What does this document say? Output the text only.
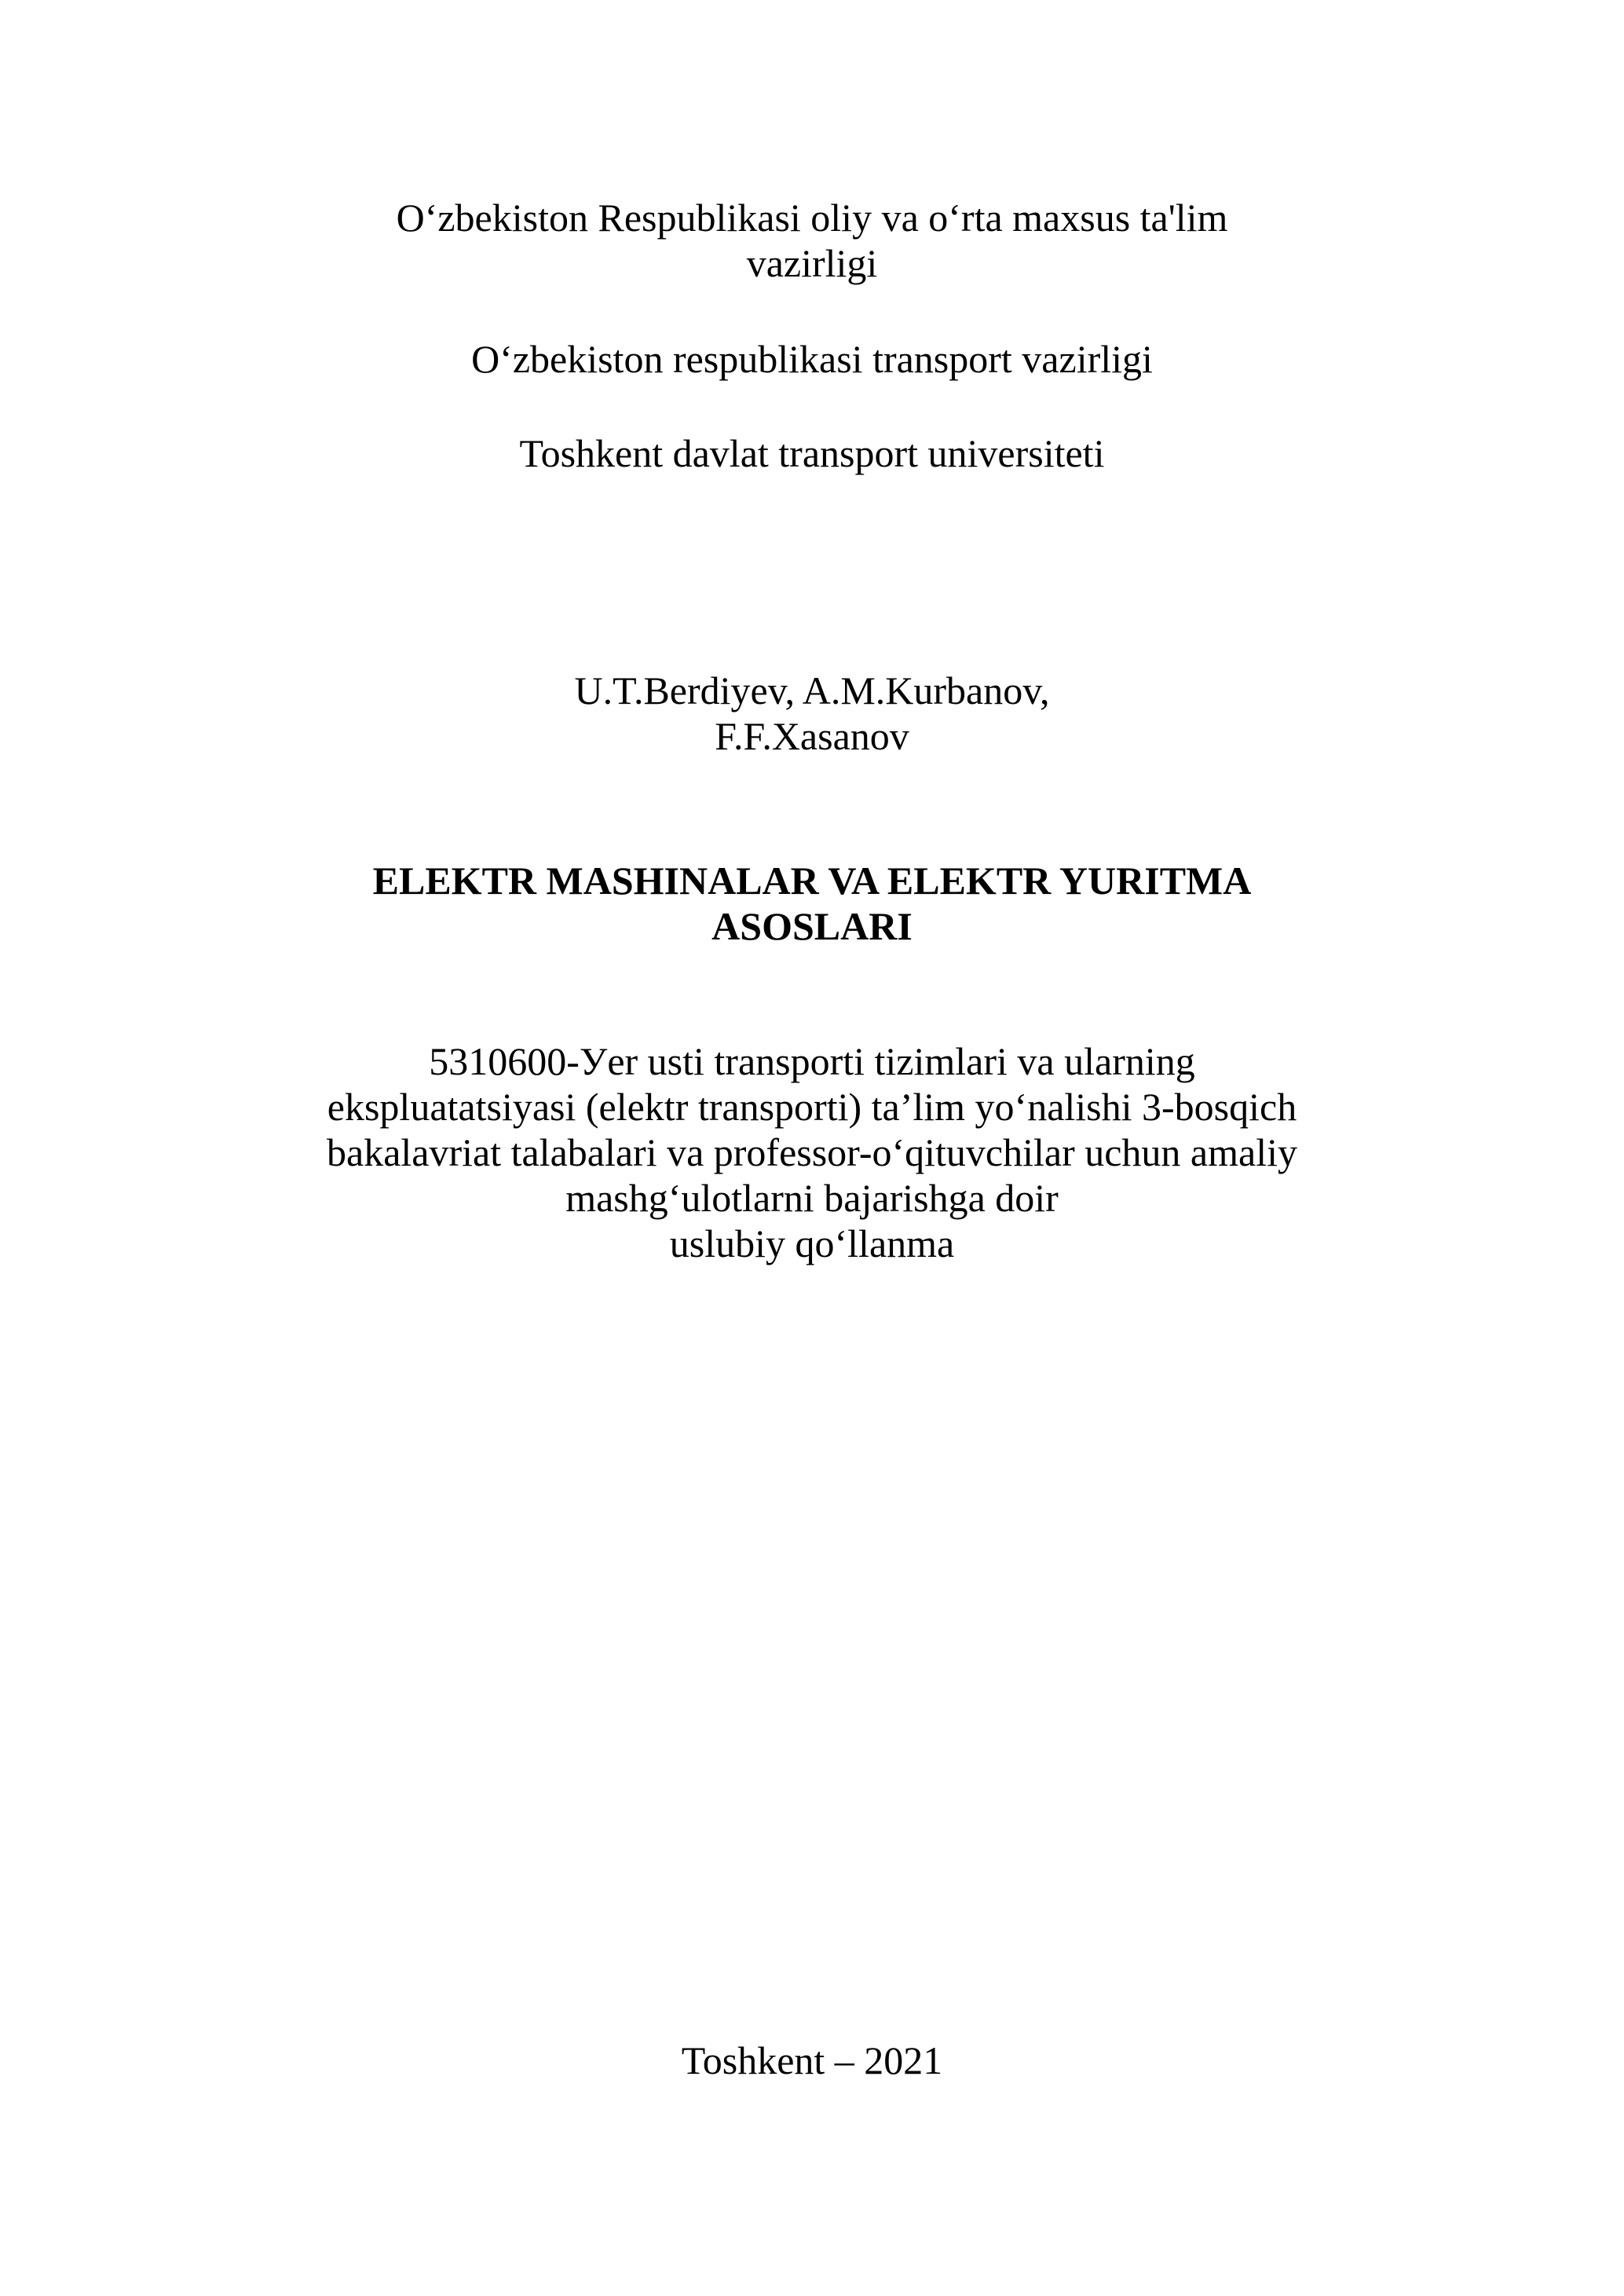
O‘zbekiston Respublikasi oliy va o‘rta maxsus ta'lim
vazirligi
O‘zbekiston respublikasi transport vazirligi
Toshkent davlat transport universiteti
U.T.Berdiyev, A.M.Kurbanov,
F.F.Xasanov
ELEKTR MASHINALAR VA ELEKTR YURITMA
ASOSLARI
5310600-Уer usti transporti tizimlari va ularning
ekspluatatsiyasi (elektr transporti) ta’lim yo‘nalishi 3-bosqich
bakalavriat talabalari va professor-o‘qituvchilar uchun amaliy
mashg‘ulotlarni bajarishga doir
uslubiy qo‘llanma
Toshkent – 2021
